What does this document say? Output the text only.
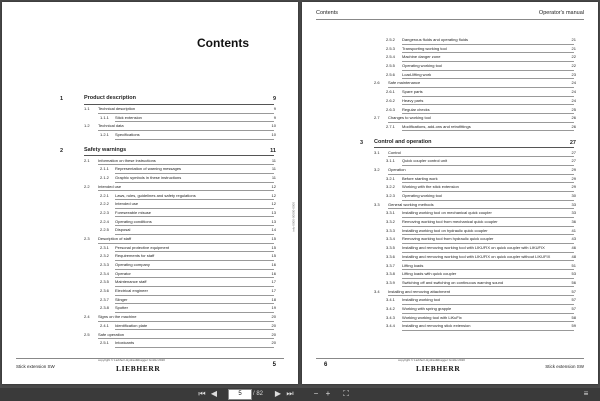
Contents
1	Product description	9
1.1 Technical description	9
1.1.1 Stick extension	9
1.2 Technical data	10
1.2.1 Specifications	10
2	Safety warnings	11
2.1 Information on these instructions	11
2.1.1 Representation of warning messages	11
2.1.2 Graphic symbols in these instructions	11
2.2 Intended use	12
2.2.1 Laws, rules, guidelines and safety regulations	12
2.2.2 Intended use	12
2.2.3 Foreseeable misuse	13
2.2.4 Operating conditions	13
2.2.5 Disposal	14
2.3 Description of staff	15
2.3.1 Personal protective equipment	15
2.3.2 Requirements for staff	15
2.3.3 Operating company	16
2.3.4 Operator	16
2.3.5 Maintenance staff	17
2.3.6 Electrical engineer	17
2.3.7 Slinger	18
2.3.8 Spotter	19
2.4 Signs on the machine	20
2.4.1 Identification plate	20
2.5 Safe operation	20
2.5.1 Intoxicants	20
info-0000-00000-0000
copyright © Liebherr-Hydraulikbagger GmbH 2020
Stick extension SW	LIEBHERR	5
Contents	Operator's manual
2.5.2 Dangerous fluids and operating fluids	21
2.5.3 Transporting working tool	21
2.5.4 Machine danger zone	22
2.5.5 Operating working tool	22
2.5.6 Load-lifting work	23
2.6 Safe maintenance	24
2.6.1 Spare parts	24
2.6.2 Heavy parts	24
2.6.3 Regular checks	25
2.7 Changes to working tool	26
2.7.1 Modifications, add-ons and retrofittings	26
3 Control and operation	27
3.1 Control	27
3.1.1 Quick coupler control unit	27
3.2 Operation	29
3.2.1 Before starting work	29
3.2.2 Working with the stick extension	29
3.2.3 Operating working tool	30
3.3 General working methods	33
3.3.1 Installing working tool on mechanical quick coupler	33
3.3.2 Removing working tool from mechanical quick coupler	36
3.3.3 Installing working tool on hydraulic quick coupler	41
3.3.4 Removing working tool from hydraulic quick coupler	43
3.3.5 Installing and removing working tool with LIKUFIX on quick coupler with LIKUFIX	46
3.3.6 Installing and removing working tool with LIKUFIX on quick coupler without LIKUFIX	48
3.3.7 Lifting loads	51
3.3.8 Lifting loads with quick coupler	53
3.3.9 Switching off and switching on continuous warning sound	56
3.4 Installing and removing attachment	57
3.4.1 Installing working tool	57
3.4.2 Working with spring grapple	57
3.4.3 Working working tool with LiKuFix	58
3.4.4 Installing and removing stick extension	59
copyright © Liebherr-Hydraulikbagger GmbH 2020
6	LIEBHERR	Stick extension SW
⏮ ◀	▶ ⏭	− +	⛶	≡
5
/ 82
